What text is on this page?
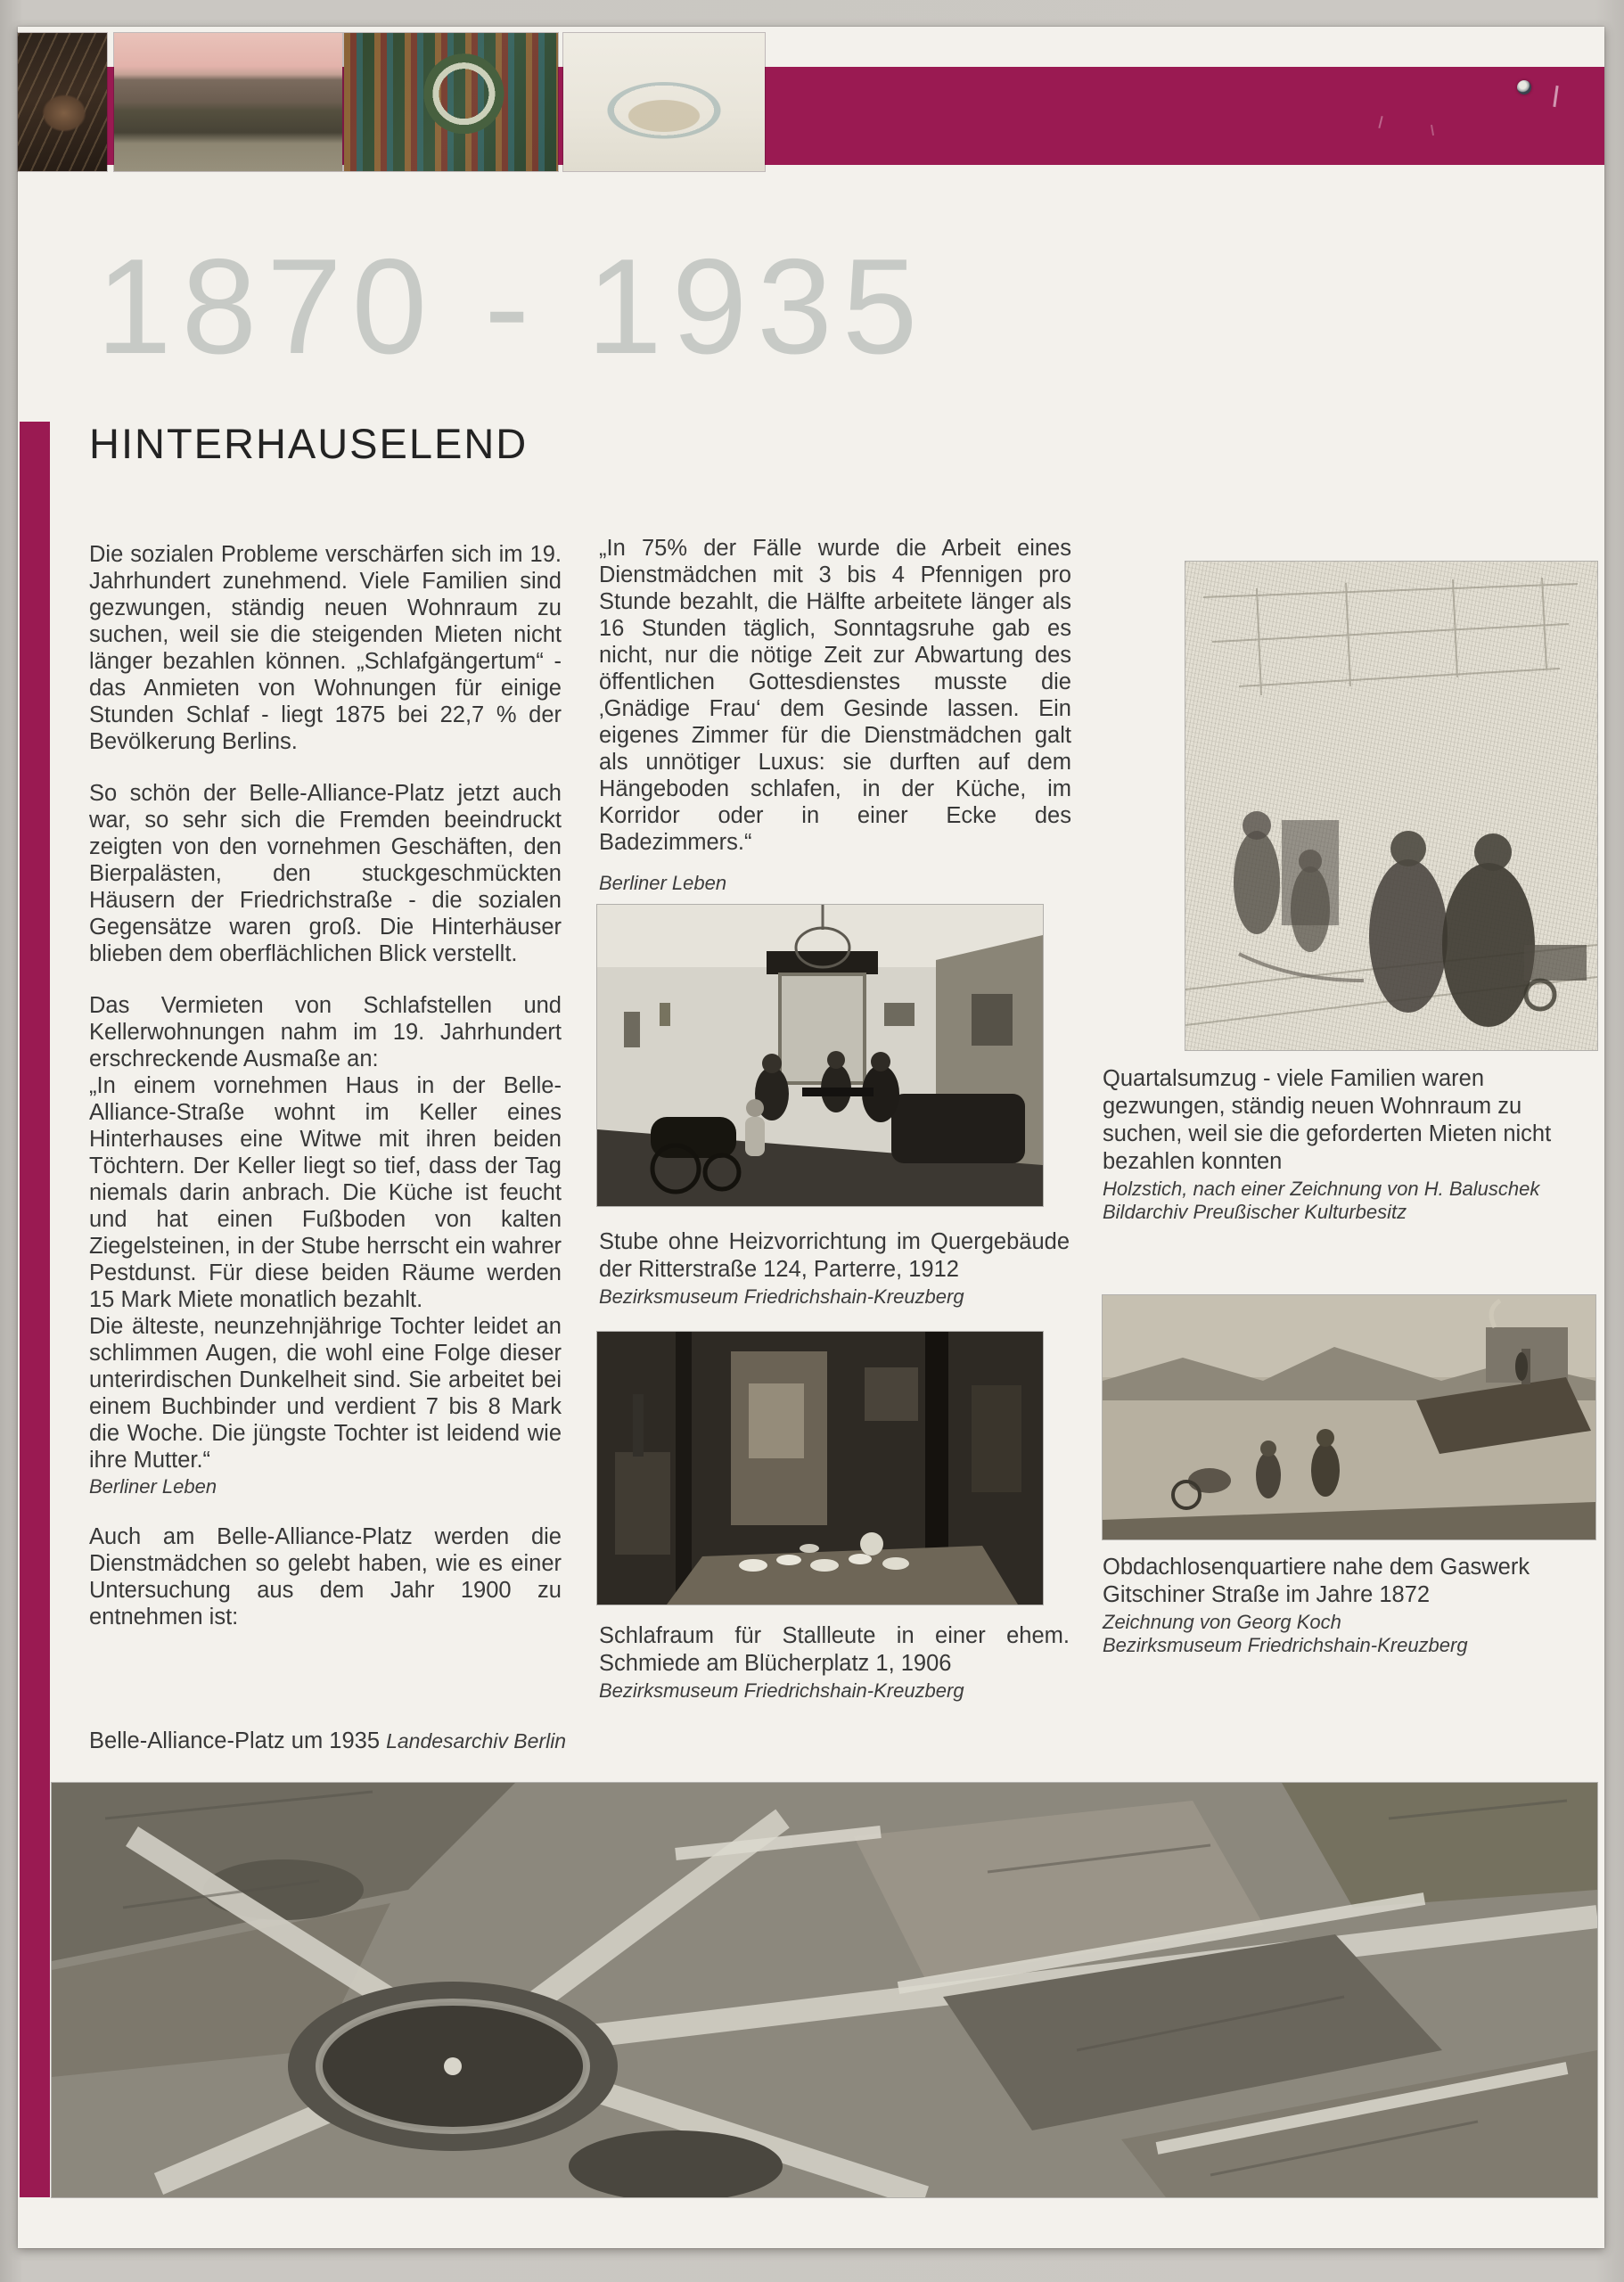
1870 - 1935
HINTERHAUSELEND

Die sozialen Probleme verschärfen sich im 19. Jahrhundert zunehmend. Viele Familien sind gezwungen, ständig neuen Wohnraum zu suchen, weil sie die steigenden Mieten nicht länger bezahlen können. „Schlafgängertum“ - das Anmieten von Wohnungen für einige Stunden Schlaf - liegt 1875 bei 22,7 % der Bevölkerung Berlins.

So schön der Belle-Alliance-Platz jetzt auch war, so sehr sich die Fremden beeindruckt zeigten von den vornehmen Geschäften, den Bierpalästen, den stuckgeschmückten Häusern der Friedrichstraße - die sozialen Gegensätze waren groß. Die Hinterhäuser blieben dem oberflächlichen Blick verstellt.

Das Vermieten von Schlafstellen und Kellerwohnungen nahm im 19. Jahrhundert erschreckende Ausmaße an:

„In einem vornehmen Haus in der Belle-Alliance-Straße wohnt im Keller eines Hinterhauses eine Witwe mit ihren beiden Töchtern. Der Keller liegt so tief, dass der Tag niemals darin anbrach. Die Küche ist feucht und hat einen Fußboden von kalten Ziegelsteinen, in der Stube herrscht ein wahrer Pestdunst. Für diese beiden Räume werden 15 Mark Miete monatlich bezahlt.

Die älteste, neunzehnjährige Tochter leidet an schlimmen Augen, die wohl eine Folge dieser unterirdischen Dunkelheit sind. Sie arbeitet bei einem Buchbinder und verdient 7 bis 8 Mark die Woche. Die jüngste Tochter ist leidend wie ihre Mutter.“

Berliner Leben

Auch am Belle-Alliance-Platz werden die Dienstmädchen so gelebt haben, wie es einer Untersuchung aus dem Jahr 1900 zu entnehmen ist:

„In 75% der Fälle wurde die Arbeit eines Dienstmädchen mit 3 bis 4 Pfennigen pro Stunde bezahlt, die Hälfte arbeitete länger als 16 Stunden täglich, Sonntagsruhe gab es nicht, nur die nötige Zeit zur Abwartung des öffentlichen Gottesdienstes musste die ‚Gnädige Frau‘ dem Gesinde lassen. Ein eigenes Zimmer für die Dienstmädchen galt als unnötiger Luxus: sie durften auf dem Hängeboden schlafen, in der Küche, im Korridor oder in einer Ecke des Badezimmers.“

Berliner Leben
Stube ohne Heizvorrichtung im Quergebäude der Ritterstraße 124, Parterre, 1912
Bezirksmuseum Friedrichshain-Kreuzberg
Schlafraum für Stallleute in einer ehem. Schmiede am Blücherplatz 1, 1906
Bezirksmuseum Friedrichshain-Kreuzberg
Quartalsumzug - viele Familien waren gezwungen, ständig neuen Wohnraum zu suchen, weil sie die geforderten Mieten nicht bezahlen konnten
Holzstich, nach einer Zeichnung von H. Baluschek
Bildarchiv Preußischer Kulturbesitz
Obdachlosenquartiere nahe dem Gaswerk Gitschiner Straße im Jahre 1872
Zeichnung von Georg Koch
Bezirksmuseum Friedrichshain-Kreuzberg
Belle-Alliance-Platz um 1935 Landesarchiv Berlin
